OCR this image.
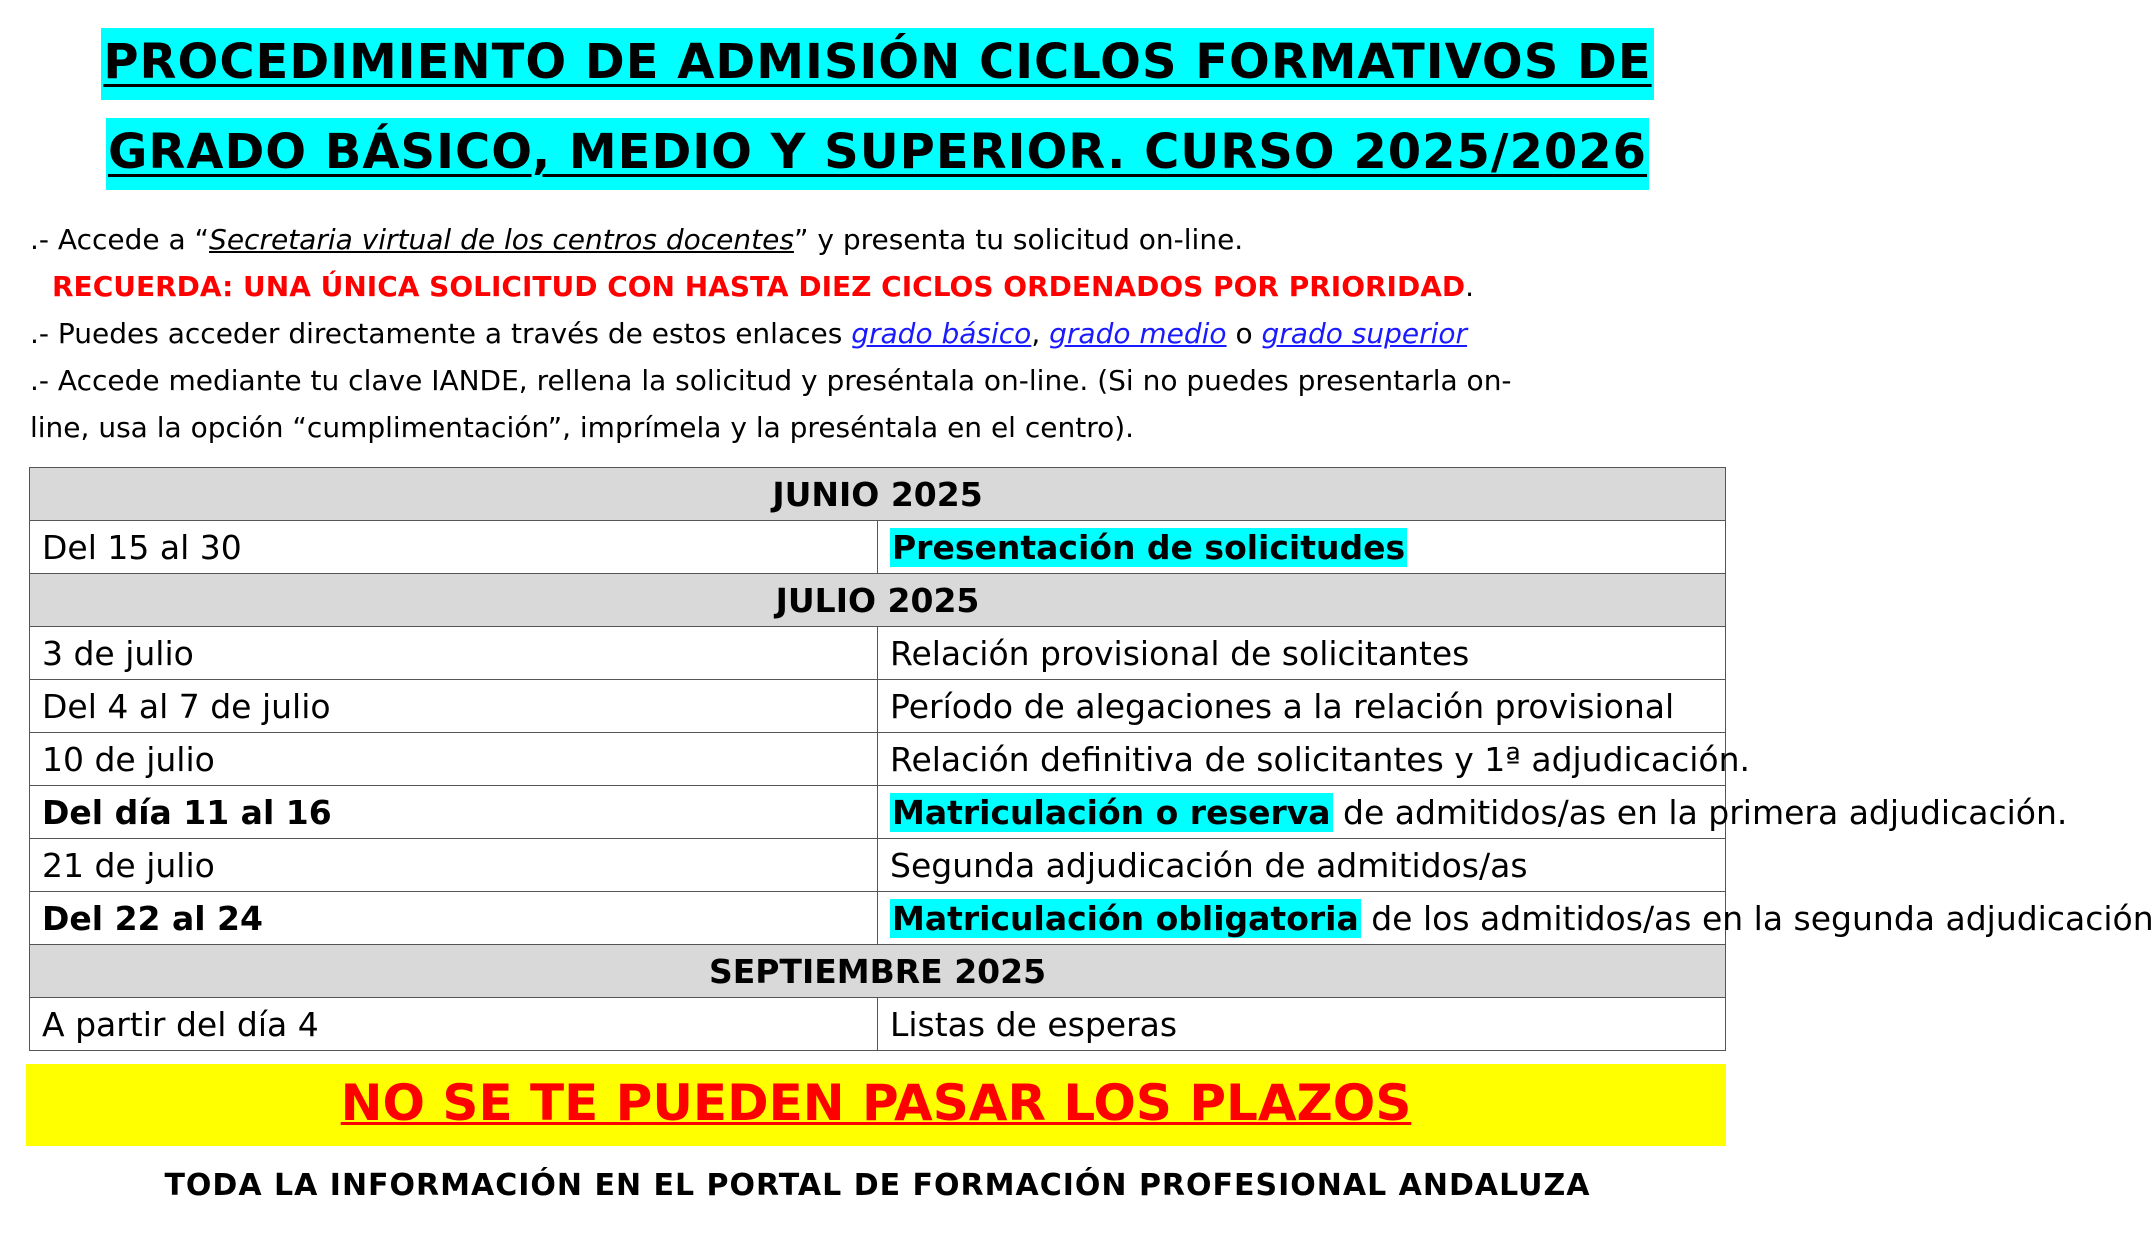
PROCEDIMIENTO DE ADMISIÓN CICLOS FORMATIVOS DE
GRADO BÁSICO, MEDIO Y SUPERIOR. CURSO 2025/2026

.- Accede a “Secretaria virtual de los centros docentes” y presenta tu solicitud on-line.

RECUERDA: UNA ÚNICA SOLICITUD CON HASTA DIEZ CICLOS ORDENADOS POR PRIORIDAD.

.- Puedes acceder directamente a través de estos enlaces grado básico, grado medio o grado superior

.- Accede mediante tu clave IANDE, rellena la solicitud y preséntala on-line. (Si no puedes presentarla on-

line, usa la opción “cumplimentación”, imprímela y la preséntala en el centro).

JUNIO 2025	
Del 15 al 30	Presentación de solicitudes
JULIO 2025	
3 de julio	Relación provisional de solicitantes
Del 4 al 7 de julio	Período de alegaciones a la relación provisional
10 de julio	Relación definitiva de solicitantes y 1ª adjudicación.
Del día 11 al 16	Matriculación o reserva de admitidos/as en la primera adjudicación.
21 de julio	Segunda adjudicación de admitidos/as
Del 22 al 24	Matriculación obligatoria de los admitidos/as en la segunda adjudicación
SEPTIEMBRE 2025	
A partir del día 4	Listas de esperas
NO SE TE PUEDEN PASAR LOS PLAZOS
TODA LA INFORMACIÓN EN EL PORTAL DE FORMACIÓN PROFESIONAL ANDALUZA
